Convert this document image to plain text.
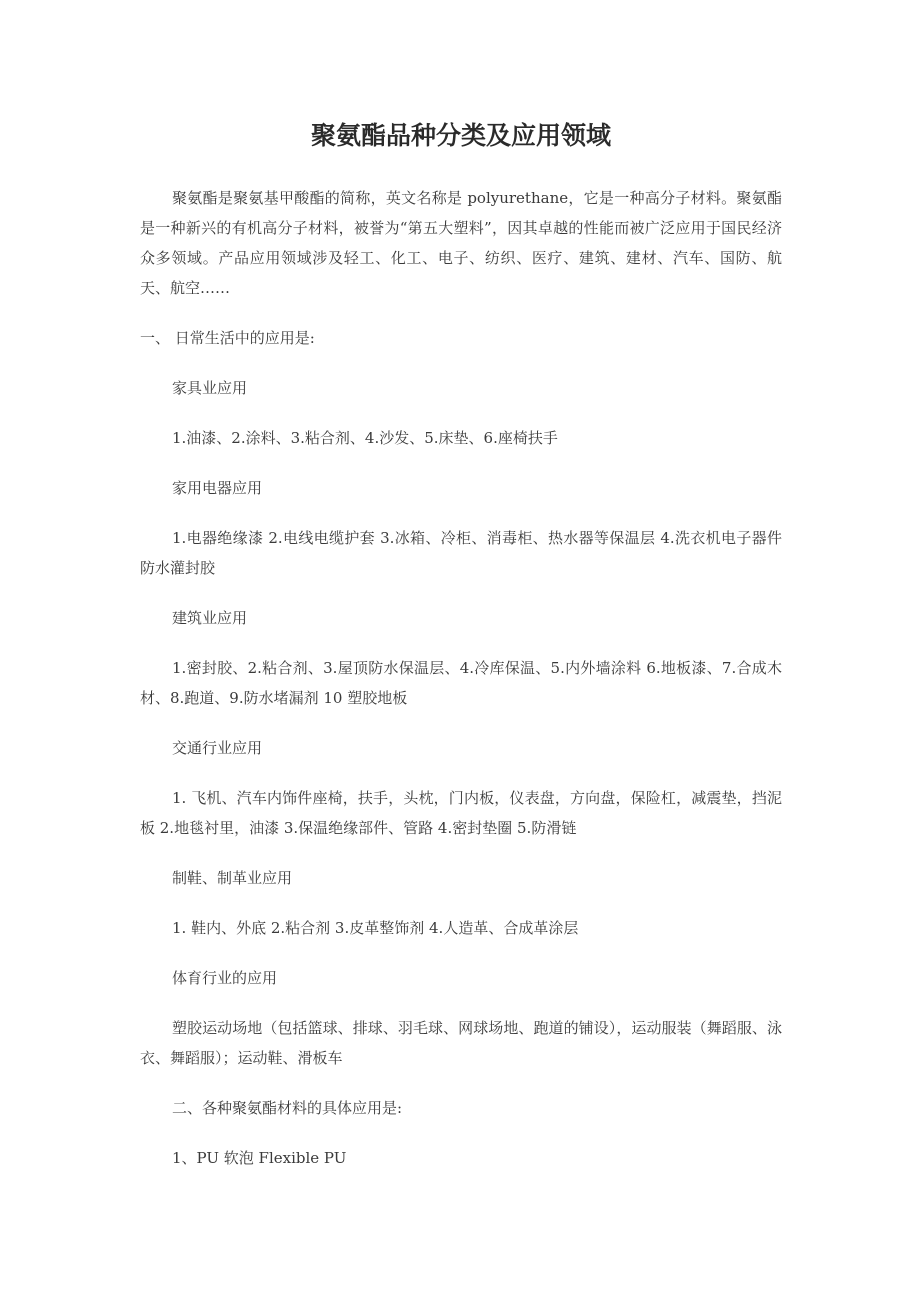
聚氨酯品种分类及应用领域
聚氨酯是聚氨基甲酸酯的简称，英文名称是 polyurethane，它是一种高分子材料。聚氨酯是一种新兴的有机高分子材料，被誉为“第五大塑料”，因其卓越的性能而被广泛应用于国民经济众多领域。产品应用领域涉及轻工、化工、电子、纺织、医疗、建筑、建材、汽车、国防、航天、航空……
一、 日常生活中的应用是:
家具业应用
1.油漆、2.涂料、3.粘合剂、4.沙发、5.床垫、6.座椅扶手
家用电器应用
1.电器绝缘漆 2.电线电缆护套 3.冰箱、冷柜、消毒柜、热水器等保温层 4.洗衣机电子器件防水灌封胶
建筑业应用
1.密封胶、2.粘合剂、3.屋顶防水保温层、4.冷库保温、5.内外墙涂料 6.地板漆、7.合成木材、8.跑道、9.防水堵漏剂 10 塑胶地板
交通行业应用
1. 飞机、汽车内饰件座椅，扶手，头枕，门内板，仪表盘，方向盘，保险杠，减震垫，挡泥板 2.地毯衬里，油漆 3.保温绝缘部件、管路 4.密封垫圈 5.防滑链
制鞋、制革业应用
1. 鞋内、外底 2.粘合剂 3.皮革整饰剂 4.人造革、合成革涂层
体育行业的应用
塑胶运动场地（包括篮球、排球、羽毛球、网球场地、跑道的铺设），运动服装（舞蹈服、泳衣、舞蹈服）；运动鞋、滑板车
二、各种聚氨酯材料的具体应用是:
1、PU 软泡 Flexible PU
